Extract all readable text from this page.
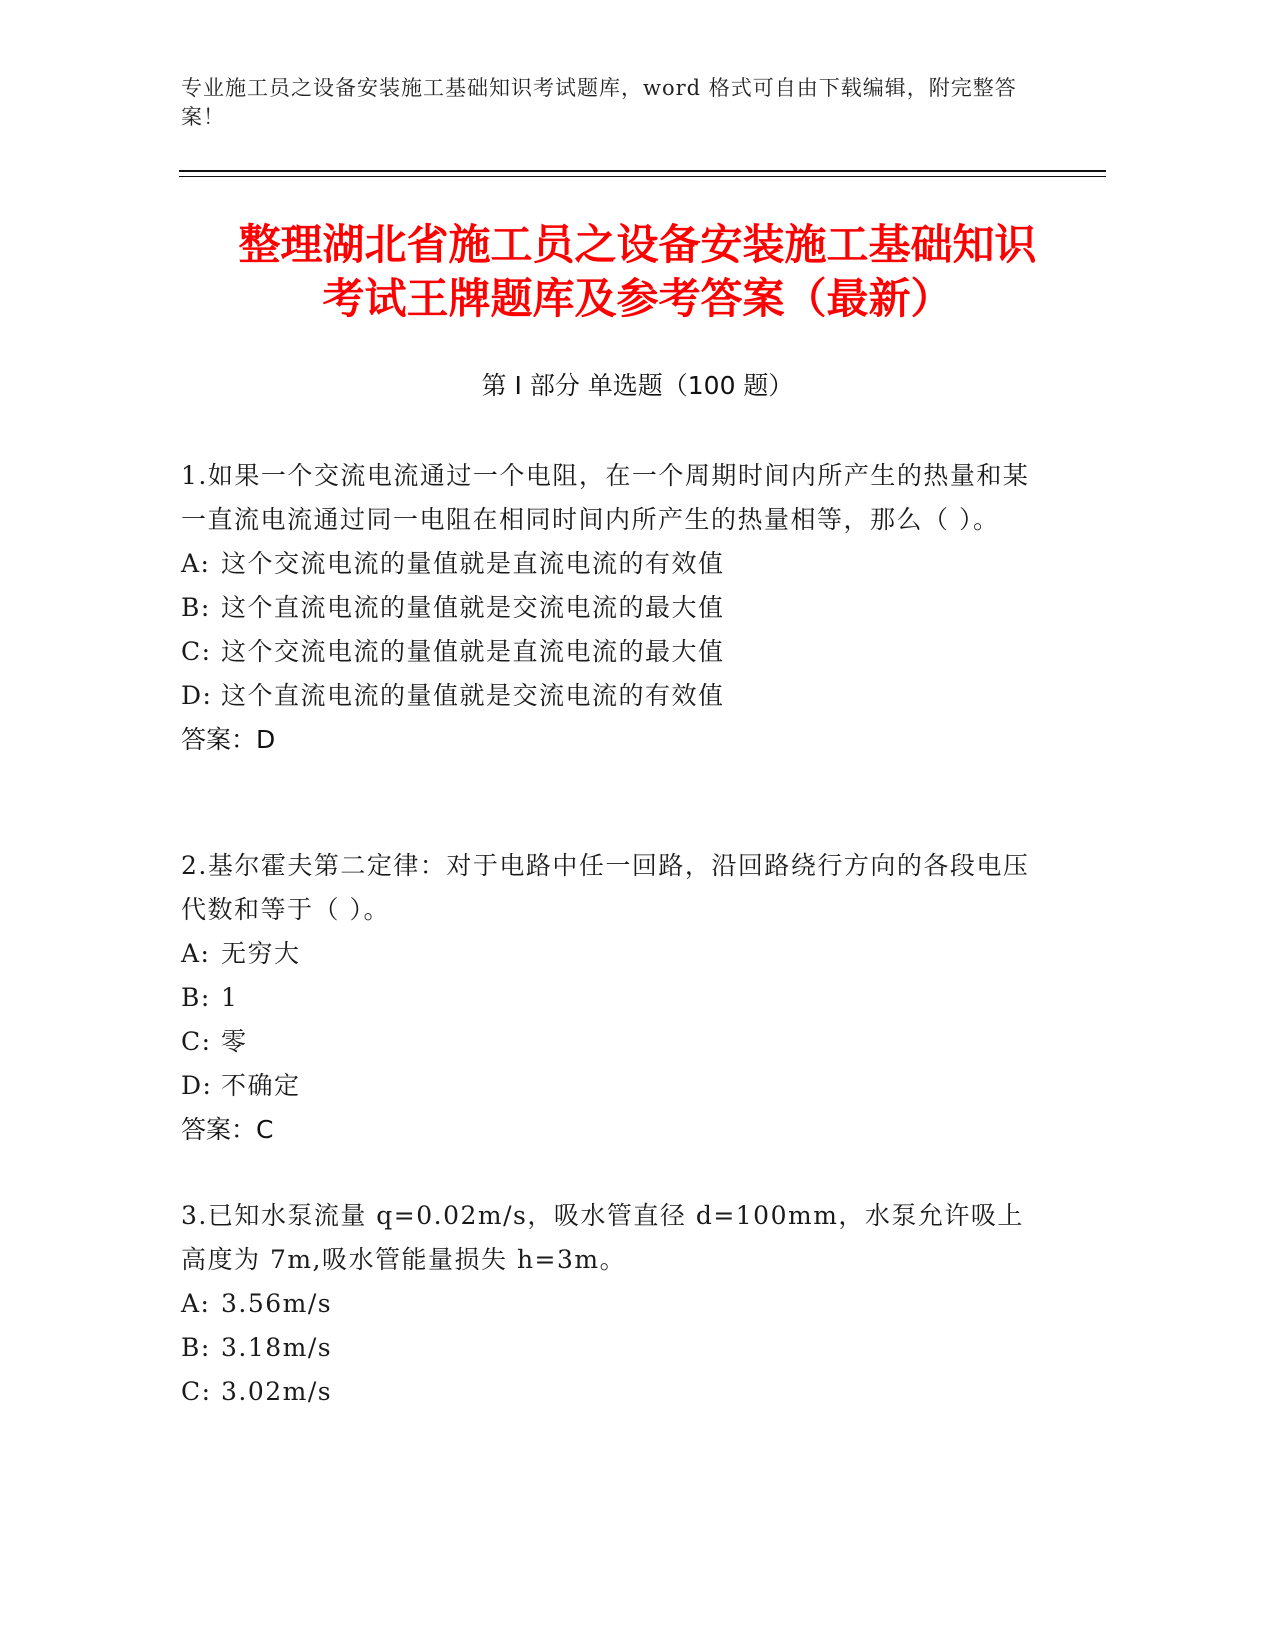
专业施工员之设备安装施工基础知识考试题库，word 格式可自由下载编辑，附完整答案！
整理湖北省施工员之设备安装施工基础知识
考试王牌题库及参考答案（最新）
第 I 部分 单选题（100 题）
1.如果一个交流电流通过一个电阻，在一个周期时间内所产生的热量和某一直流电流通过同一电阻在相同时间内所产生的热量相等，那么（ ）。
A: 这个交流电流的量值就是直流电流的有效值
B: 这个直流电流的量值就是交流电流的最大值
C: 这个交流电流的量值就是直流电流的最大值
D: 这个直流电流的量值就是交流电流的有效值
答案：D
2.基尔霍夫第二定律：对于电路中任一回路，沿回路绕行方向的各段电压代数和等于（ ）。
A: 无穷大
B: 1
C: 零
D: 不确定
答案：C
3.已知水泵流量 q=0.02m/s，吸水管直径 d=100mm，水泵允许吸上高度为 7m,吸水管能量损失 h=3m。
A: 3.56m/s
B: 3.18m/s
C: 3.02m/s
